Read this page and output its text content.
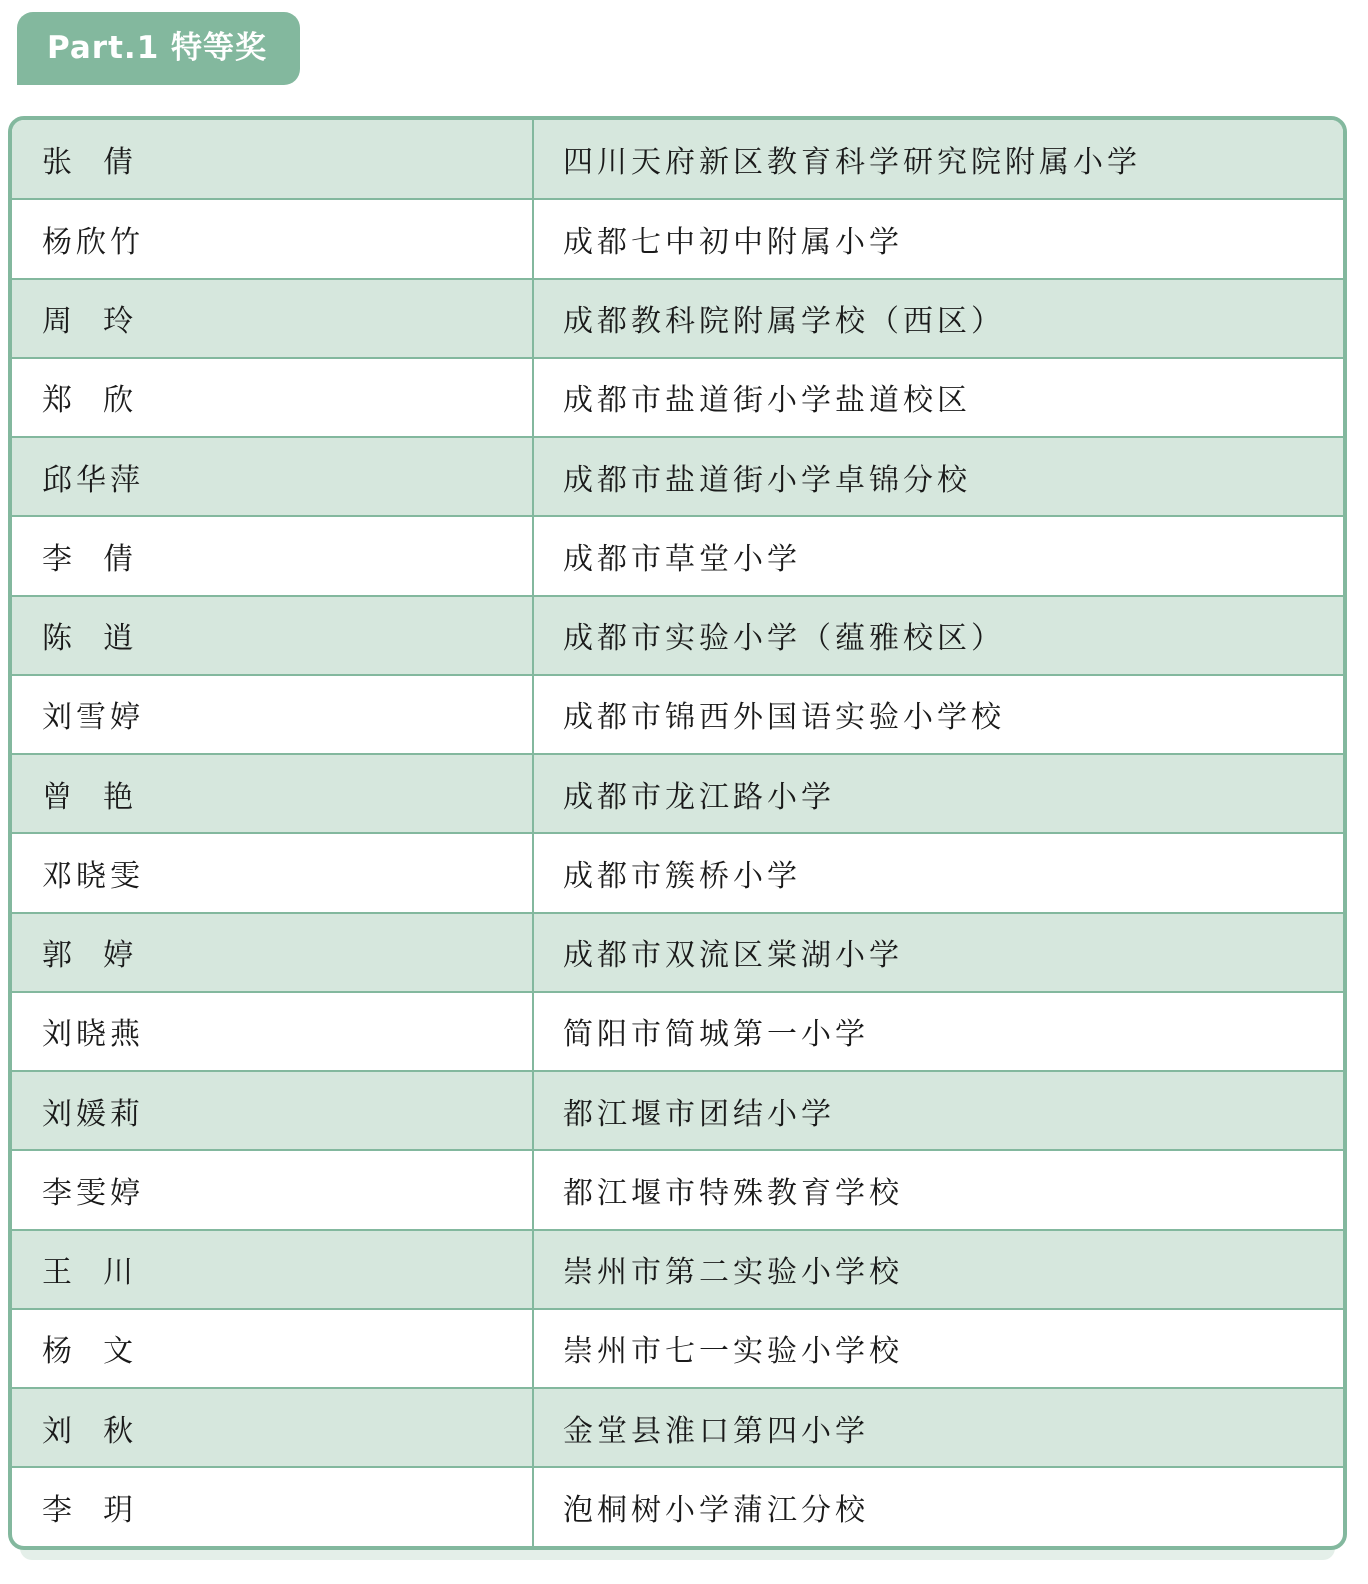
Part.1 特等奖
张  倩	四川天府新区教育科学研究院附属小学
杨欣竹	成都七中初中附属小学
周  玲	成都教科院附属学校（西区）
郑  欣	成都市盐道街小学盐道校区
邱华萍	成都市盐道街小学卓锦分校
李  倩	成都市草堂小学
陈  逍	成都市实验小学（蕴雅校区）
刘雪婷	成都市锦西外国语实验小学校
曾  艳	成都市龙江路小学
邓晓雯	成都市簇桥小学
郭  婷	成都市双流区棠湖小学
刘晓燕	简阳市简城第一小学
刘媛莉	都江堰市团结小学
李雯婷	都江堰市特殊教育学校
王  川	崇州市第二实验小学校
杨  文	崇州市七一实验小学校
刘  秋	金堂县淮口第四小学
李  玥	泡桐树小学蒲江分校
